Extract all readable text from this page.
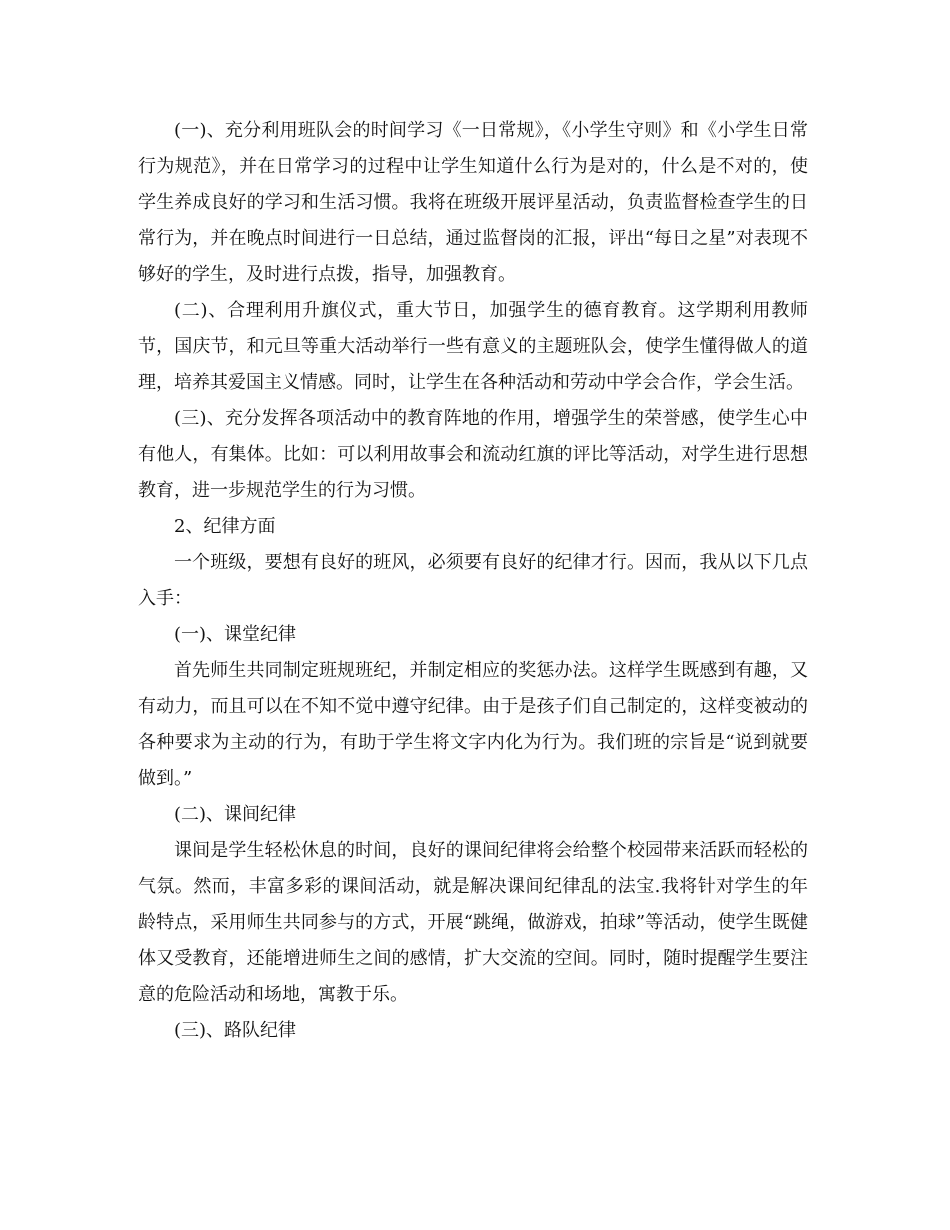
(一)、充分利用班队会的时间学习《一日常规》，《小学生守则》和《小学生日常行为规范》，并在日常学习的过程中让学生知道什么行为是对的，什么是不对的，使学生养成良好的学习和生活习惯。我将在班级开展评星活动，负责监督检查学生的日常行为，并在晚点时间进行一日总结，通过监督岗的汇报，评出“每日之星”对表现不够好的学生，及时进行点拨，指导，加强教育。

(二)、合理利用升旗仪式，重大节日，加强学生的德育教育。这学期利用教师节，国庆节，和元旦等重大活动举行一些有意义的主题班队会，使学生懂得做人的道理，培养其爱国主义情感。同时，让学生在各种活动和劳动中学会合作，学会生活。

(三)、充分发挥各项活动中的教育阵地的作用，增强学生的荣誉感，使学生心中有他人，有集体。比如：可以利用故事会和流动红旗的评比等活动，对学生进行思想教育，进一步规范学生的行为习惯。

2、纪律方面

一个班级，要想有良好的班风，必须要有良好的纪律才行。因而，我从以下几点入手：

(一)、课堂纪律

首先师生共同制定班规班纪，并制定相应的奖惩办法。这样学生既感到有趣，又有动力，而且可以在不知不觉中遵守纪律。由于是孩子们自己制定的，这样变被动的各种要求为主动的行为，有助于学生将文字内化为行为。我们班的宗旨是“说到就要做到。”

(二)、课间纪律

课间是学生轻松休息的时间，良好的课间纪律将会给整个校园带来活跃而轻松的气氛。然而，丰富多彩的课间活动，就是解决课间纪律乱的法宝.我将针对学生的年龄特点，采用师生共同参与的方式，开展“跳绳，做游戏，拍球”等活动，使学生既健体又受教育，还能增进师生之间的感情，扩大交流的空间。同时，随时提醒学生要注意的危险活动和场地，寓教于乐。

(三)、路队纪律
